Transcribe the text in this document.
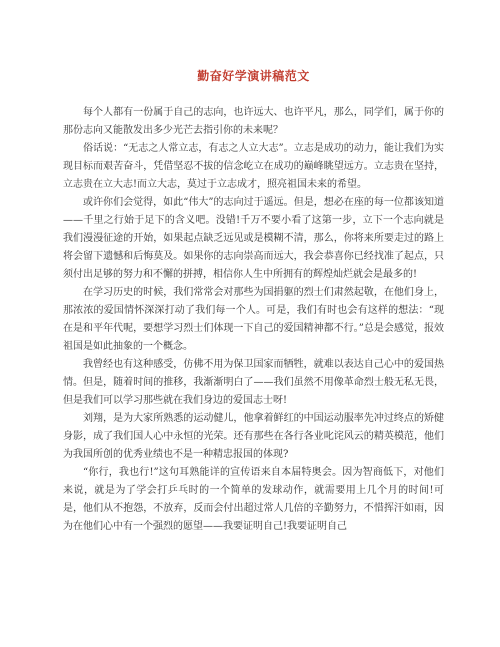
勤奋好学演讲稿范文

每个人都有一份属于自己的志向，也许远大、也许平凡，那么，同学们，属于你的那份志向又能散发出多少光芒去指引你的未来呢？

俗话说：“无志之人常立志，有志之人立大志”。立志是成功的动力，能让我们为实现目标而艰苦奋斗，凭借坚忍不拔的信念屹立在成功的巅峰眺望远方。立志贵在坚持，立志贵在立大志!而立大志，莫过于立志成才，照亮祖国未来的希望。

或许你们会觉得，如此“伟大”的志向过于遥远。但是，想必在座的每一位都该知道——千里之行始于足下的含义吧。没错!千万不要小看了这第一步，立下一个志向就是我们漫漫征途的开始，如果起点缺乏远见或是模糊不清，那么，你将来所要走过的路上将会留下遗憾和后悔莫及。如果你的志向崇高而远大，我会恭喜你已经找准了起点，只须付出足够的努力和不懈的拼搏，相信你人生中所拥有的辉煌灿烂就会是最多的!

在学习历史的时候，我们常常会对那些为国捐躯的烈士们肃然起敬，在他们身上，那浓浓的爱国情怀深深打动了我们每一个人。可是，我们有时也会有这样的想法：“现在是和平年代呢，要想学习烈士们体现一下自己的爱国精神都不行。”总是会感觉，报效祖国是如此抽象的一个概念。

我曾经也有这种感受，仿佛不用为保卫国家而牺牲，就难以表达自己心中的爱国热情。但是，随着时间的推移，我渐渐明白了——我们虽然不用像革命烈士般无私无畏，但是我们可以学习那些就在我们身边的爱国志士呀!

刘翔，是为大家所熟悉的运动健儿，他拿着鲜红的中国运动服率先冲过终点的矫健身影，成了我们国人心中永恒的光荣。还有那些在各行各业叱诧风云的精英模范，他们为我国所创的优秀业绩也不是一种精忠报国的体现?

“你行，我也行!”这句耳熟能详的宣传语来自本届特奥会。因为智商低下，对他们来说，就是为了学会打乒乓时的一个简单的发球动作，就需要用上几个月的时间!可是，他们从不抱怨，不放弃，反而会付出超过常人几倍的辛勤努力，不惜挥汗如雨，因为在他们心中有一个强烈的愿望——我要证明自己!我要证明自己
